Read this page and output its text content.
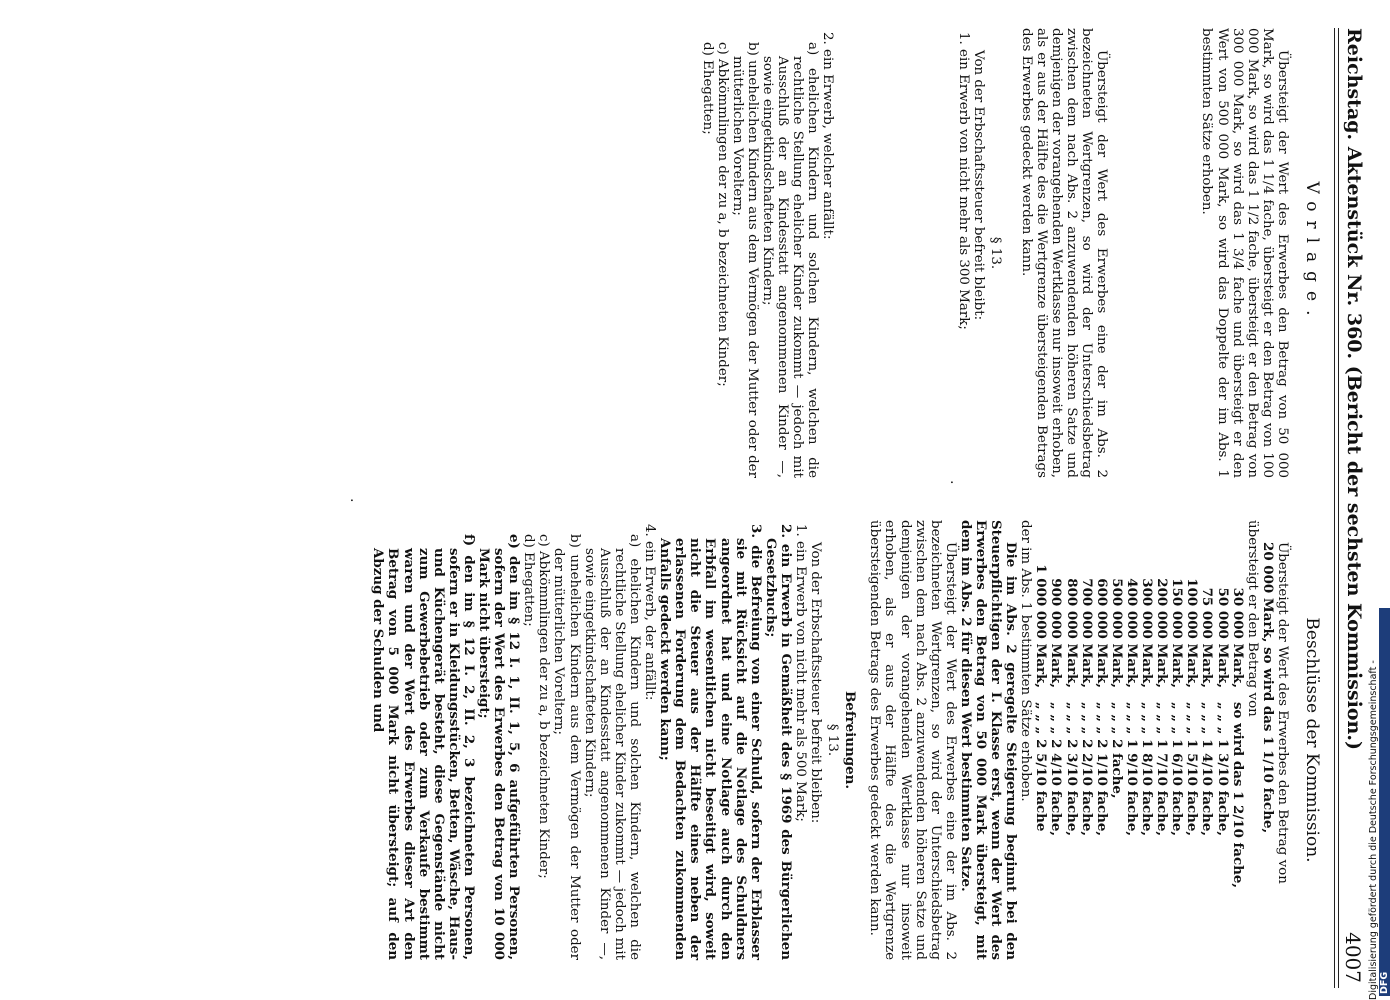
Reichstag. Aktenstück Nr. 360. (Bericht der sechsten Kommission.)
4007
Vorlage.

Übersteigt der Wert des Erwerbes den Betrag von 50 000 Mark, so wird das 1 1/4 fache, übersteigt er den Betrag von 100 000 Mark, so wird das 1 1/2 fache, übersteigt er den Betrag von 300 000 Mark, so wird das 1 3/4 fache und übersteigt er den Wert von 500 000 Mark, so wird das Doppelte der im Abs. 1 bestimmten Sätze erhoben.

Übersteigt der Wert des Erwerbes eine der im Abs. 2 bezeichneten Wertgrenzen, so wird der Unterschiedsbetrag zwischen dem nach Abs. 2 anzuwendenden höheren Satze und demjenigen der vorangehenden Wertklasse nur insoweit erhoben, als er aus der Hälfte des die Wertgrenze übersteigenden Betrags des Erwerbes gedeckt werden kann.

§ 13.

Von der Erbschaftssteuer befreit bleibt:

1. ein Erwerb von nicht mehr als 300 Mark;

2. ein Erwerb, welcher anfällt:

a) ehelichen Kindern und solchen Kindern, welchen die rechtliche Stellung ehelicher Kinder zukommt — jedoch mit Ausschluß der an Kindesstatt angenommenen Kinder —, sowie eingetkindschafteten Kindern;

b) unehelichen Kindern aus dem Vermögen der Mutter oder der mütterlichen Voreltern;

c) Abkömmlingen der zu a, b bezeichneten Kinder;

d) Ehegatten;

Beschlüsse der Kommission.

Übersteigt der Wert des Erwerbes den Betrag von

20 000 Mark, so wird das 1 1/10 fache,

übersteigt er den Betrag von

30 000 Mark,
so wird das 1 2/10 fache,
50 000 Mark,
„ „ „ 1 3/10 fache,
75 000 Mark,
„ „ „ 1 4/10 fache,
100 000 Mark,
„ „ „ 1 5/10 fache,
150 000 Mark,
„ „ „ 1 6/10 fache,
200 000 Mark,
„ „ „ 1 7/10 fache,
300 000 Mark,
„ „ „ 1 8/10 fache,
400 000 Mark,
„ „ „ 1 9/10 fache,
500 000 Mark,
„ „ „ 2 fache,
600 000 Mark,
„ „ „ 2 1/10 fache,
700 000 Mark,
„ „ „ 2 2/10 fache,
800 000 Mark,
„ „ „ 2 3/10 fache,
900 000 Mark,
„ „ „ 2 4/10 fache,
1 000 000 Mark,
„ „ „ 2 5/10 fache

der im Abs. 1 bestimmten Sätze erhoben.

Die im Abs. 2 geregelte Steigerung beginnt bei den Steuerpflichtigen der I. Klasse erst, wenn der Wert des Erwerbes den Betrag von 50 000 Mark übersteigt, mit dem im Abs. 2 für diesen Wert bestimmten Satze.

Übersteigt der Wert des Erwerbes eine der im Abs. 2 bezeichneten Wertgrenzen, so wird der Unterschiedsbetrag zwischen dem nach Abs. 2 anzuwendenden höheren Satze und demjenigen der vorangehenden Wertklasse nur insoweit erhoben, als er aus der Hälfte des die Wertgrenze übersteigenden Betrags des Erwerbes gedeckt werden kann.

Befreiungen.
§ 13.

Von der Erbschaftssteuer befreit bleiben:

1. ein Erwerb von nicht mehr als 500 Mark;

2. ein Erwerb in Gemäßheit des § 1969 des Bürgerlichen Gesetzbuchs;

3. die Befreiung von einer Schuld, sofern der Erblasser sie mit Rücksicht auf die Notlage des Schuldners angeordnet hat und eine Notlage auch durch den Erbfall im wesentlichen nicht beseitigt wird, soweit nicht die Steuer aus der Hälfte eines neben der erlassenen Forderung dem Bedachten zukommenden Anfalls gedeckt werden kann;

4. ein Erwerb, der anfällt:

a) ehelichen Kindern und solchen Kindern, welchen die rechtliche Stellung ehelicher Kinder zukommt — jedoch mit Ausschluß der an Kindesstatt angenommenen Kinder —, sowie eingetkindschafteten Kindern;

b) unehelichen Kindern aus dem Vermögen der Mutter oder der mütterlichen Voreltern;

c) Abkömmlingen der zu a, b bezeichneten Kinder;

d) Ehegatten;

e) den im § 12 I. 1, II. 1, 5, 6 aufgeführten Personen, sofern der Wert des Erwerbes den Betrag von 10 000 Mark nicht übersteigt;

f) den im § 12 I. 2, II. 2, 3 bezeichneten Personen, sofern er in Kleidungsstücken, Betten, Wäsche, Haus- und Küchengerät besteht, diese Gegenstände nicht zum Gewerbebetrieb oder zum Verkaufe bestimmt waren und der Wert des Erwerbes dieser Art den Betrag von 5 000 Mark nicht übersteigt; auf den Abzug der Schulden und

.
.
Digitalisierung gefördert durch die Deutsche Forschungsgemeinschaft - DFG
